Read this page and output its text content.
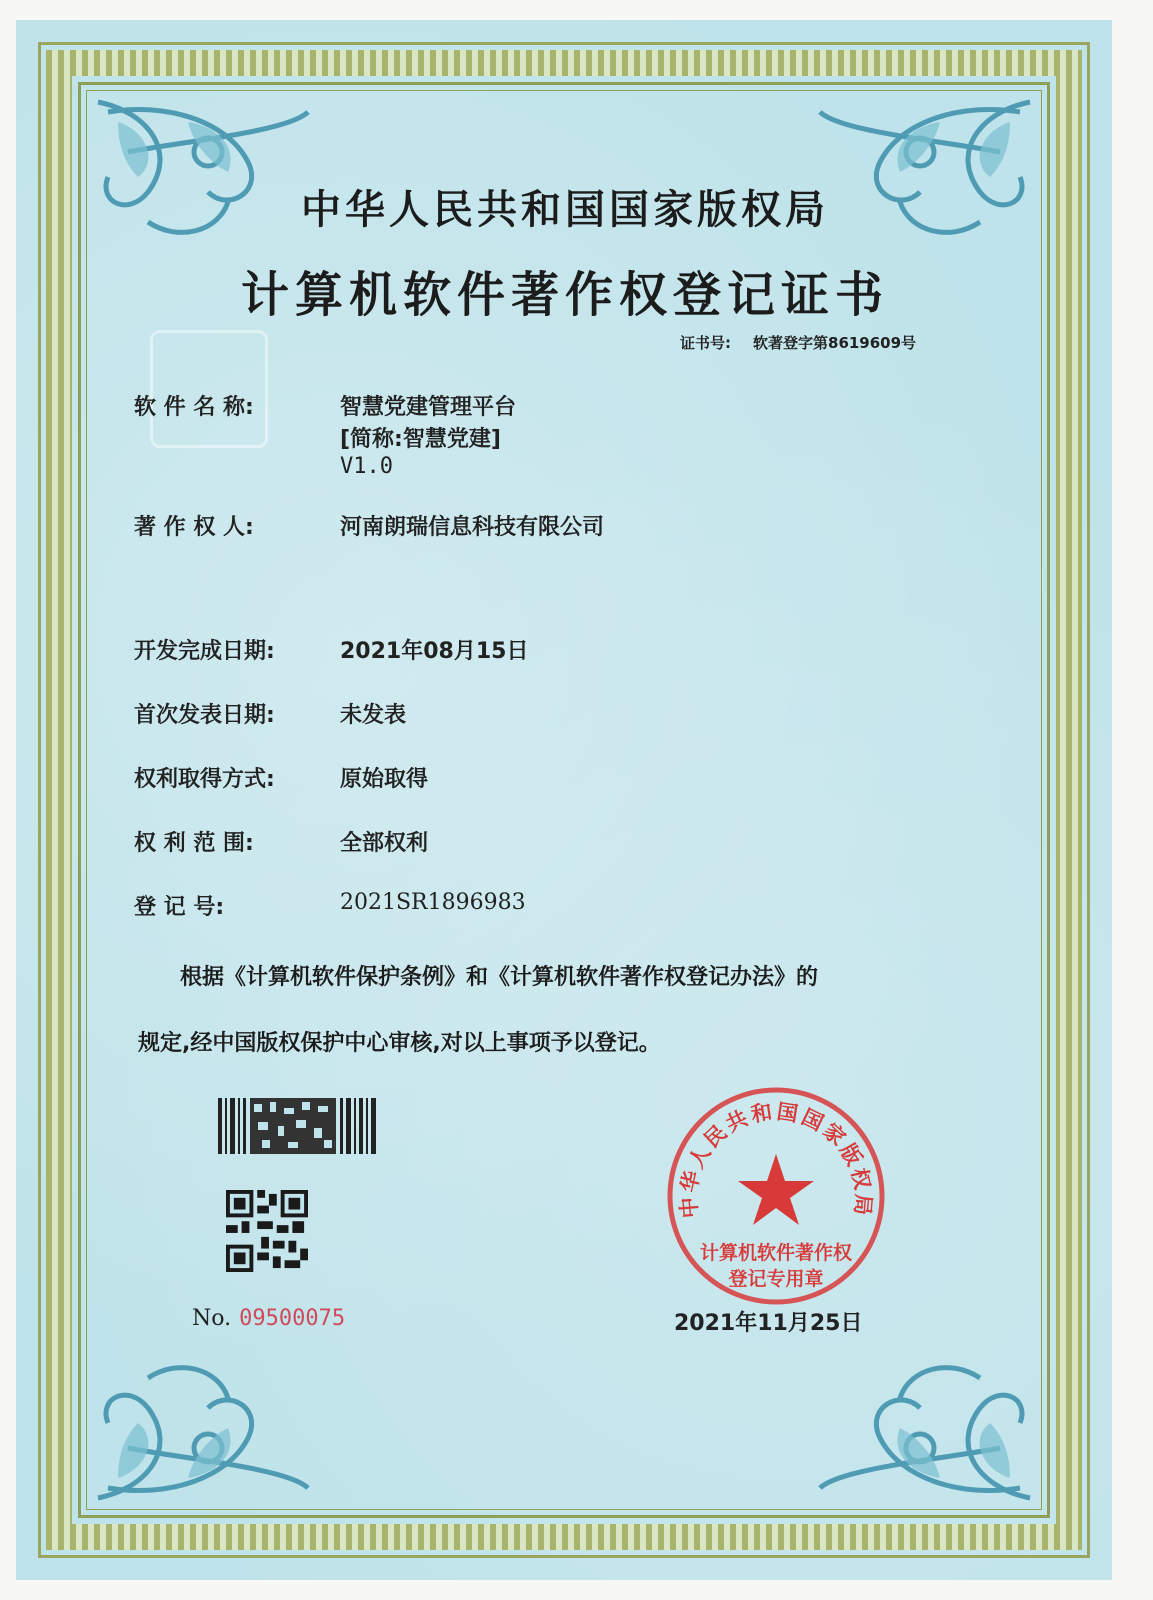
中华人民共和国国家版权局
计算机软件著作权登记证书
证书号: 软著登字第8619609号
软 件 名 称:	智慧党建管理平台
[简称:智慧党建]
V1.0
著 作 权 人:	河南朗瑞信息科技有限公司
开发完成日期:	2021年08月15日
首次发表日期:	未发表
权利取得方式:	原始取得
权 利 范 围:	全部权利
登 记 号:	2021SR1896983
根据《计算机软件保护条例》和《计算机软件著作权登记办法》的
规定,经中国版权保护中心审核,对以上事项予以登记。
No. 09500075
中华人民共和国国家版权局
计算机软件著作权
登记专用章
2021年11月25日
